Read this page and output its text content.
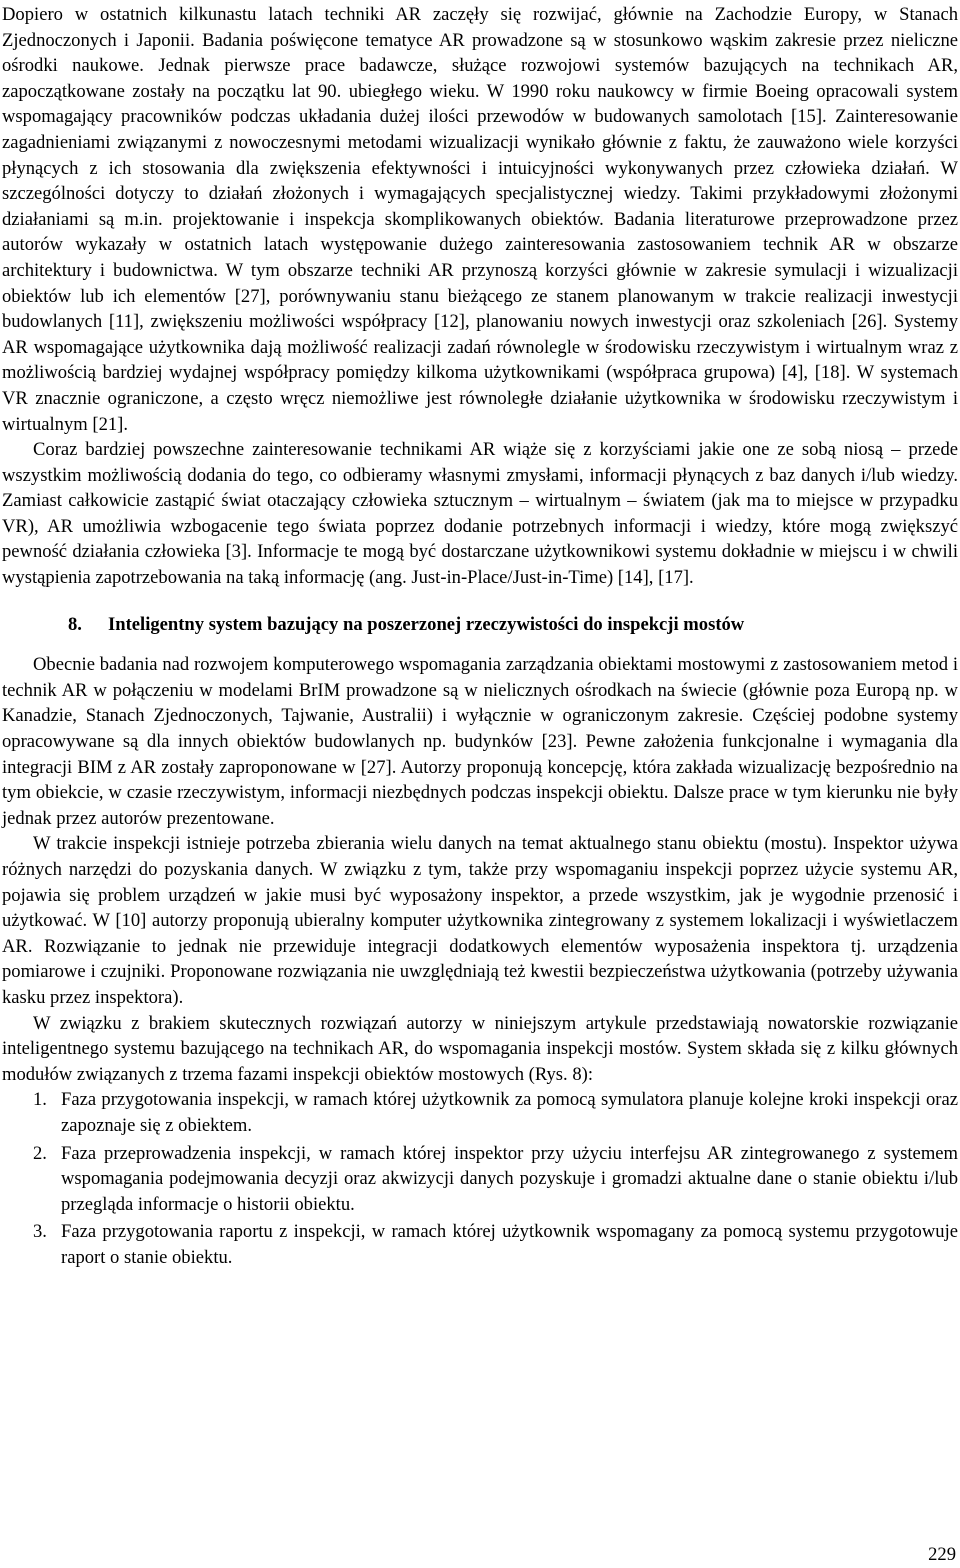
Dopiero w ostatnich kilkunastu latach techniki AR zaczęły się rozwijać, głównie na Zachodzie Europy, w Stanach Zjednoczonych i Japonii. Badania poświęcone tematyce AR prowadzone są w stosunkowo wąskim zakresie przez nieliczne ośrodki naukowe. Jednak pierwsze prace badawcze, służące rozwojowi systemów bazujących na technikach AR, zapoczątkowane zostały na początku lat 90. ubiegłego wieku. W 1990 roku naukowcy w firmie Boeing opracowali system wspomagający pracowników podczas układania dużej ilości przewodów w budowanych samolotach [15]. Zainteresowanie zagadnieniami związanymi z nowoczesnymi metodami wizualizacji wynikało głównie z faktu, że zauważono wiele korzyści płynących z ich stosowania dla zwiększenia efektywności i intuicyjności wykonywanych przez człowieka działań. W szczególności dotyczy to działań złożonych i wymagających specjalistycznej wiedzy. Takimi przykładowymi złożonymi działaniami są m.in. projektowanie i inspekcja skomplikowanych obiektów. Badania literaturowe przeprowadzone przez autorów wykazały w ostatnich latach występowanie dużego zainteresowania zastosowaniem technik AR w obszarze architektury i budownictwa. W tym obszarze techniki AR przynoszą korzyści głównie w zakresie symulacji i wizualizacji obiektów lub ich elementów [27], porównywaniu stanu bieżącego ze stanem planowanym w trakcie realizacji inwestycji budowlanych [11], zwiększeniu możliwości współpracy [12], planowaniu nowych inwestycji oraz szkoleniach [26]. Systemy AR wspomagające użytkownika dają możliwość realizacji zadań równolegle w środowisku rzeczywistym i wirtualnym wraz z możliwością bardziej wydajnej współpracy pomiędzy kilkoma użytkownikami (współpraca grupowa) [4], [18]. W systemach VR znacznie ograniczone, a często wręcz niemożliwe jest równoległe działanie użytkownika w środowisku rzeczywistym i wirtualnym [21].

Coraz bardziej powszechne zainteresowanie technikami AR wiąże się z korzyściami jakie one ze sobą niosą – przede wszystkim możliwością dodania do tego, co odbieramy własnymi zmysłami, informacji płynących z baz danych i/lub wiedzy. Zamiast całkowicie zastąpić świat otaczający człowieka sztucznym – wirtualnym – światem (jak ma to miejsce w przypadku VR), AR umożliwia wzbogacenie tego świata poprzez dodanie potrzebnych informacji i wiedzy, które mogą zwiększyć pewność działania człowieka [3]. Informacje te mogą być dostarczane użytkownikowi systemu dokładnie w miejscu i w chwili wystąpienia zapotrzebowania na taką informację (ang. Just-in-Place/Just-in-Time) [14], [17].

8. Inteligentny system bazujący na poszerzonej rzeczywistości do inspekcji mostów

Obecnie badania nad rozwojem komputerowego wspomagania zarządzania obiektami mostowymi z zastosowaniem metod i technik AR w połączeniu w modelami BrIM prowadzone są w nielicznych ośrodkach na świecie (głównie poza Europą np. w Kanadzie, Stanach Zjednoczonych, Tajwanie, Australii) i wyłącznie w ograniczonym zakresie. Częściej podobne systemy opracowywane są dla innych obiektów budowlanych np. budynków [23]. Pewne założenia funkcjonalne i wymagania dla integracji BIM z AR zostały zaproponowane w [27]. Autorzy proponują koncepcję, która zakłada wizualizację bezpośrednio na tym obiekcie, w czasie rzeczywistym, informacji niezbędnych podczas inspekcji obiektu. Dalsze prace w tym kierunku nie były jednak przez autorów prezentowane.

W trakcie inspekcji istnieje potrzeba zbierania wielu danych na temat aktualnego stanu obiektu (mostu). Inspektor używa różnych narzędzi do pozyskania danych. W związku z tym, także przy wspomaganiu inspekcji poprzez użycie systemu AR, pojawia się problem urządzeń w jakie musi być wyposażony inspektor, a przede wszystkim, jak je wygodnie przenosić i użytkować. W [10] autorzy proponują ubieralny komputer użytkownika zintegrowany z systemem lokalizacji i wyświetlaczem AR. Rozwiązanie to jednak nie przewiduje integracji dodatkowych elementów wyposażenia inspektora tj. urządzenia pomiarowe i czujniki. Proponowane rozwiązania nie uwzględniają też kwestii bezpieczeństwa użytkowania (potrzeby używania kasku przez inspektora).

W związku z brakiem skutecznych rozwiązań autorzy w niniejszym artykule przedstawiają nowatorskie rozwiązanie inteligentnego systemu bazującego na technikach AR, do wspomagania inspekcji mostów. System składa się z kilku głównych modułów związanych z trzema fazami inspekcji obiektów mostowych (Rys. 8):

1. Faza przygotowania inspekcji, w ramach której użytkownik za pomocą symulatora planuje kolejne kroki inspekcji oraz zapoznaje się z obiektem.
2. Faza przeprowadzenia inspekcji, w ramach której inspektor przy użyciu interfejsu AR zintegrowanego z systemem wspomagania podejmowania decyzji oraz akwizycji danych pozyskuje i gromadzi aktualne dane o stanie obiektu i/lub przegląda informacje o historii obiektu.
3. Faza przygotowania raportu z inspekcji, w ramach której użytkownik wspomagany za pomocą systemu przygotowuje raport o stanie obiektu.
229
